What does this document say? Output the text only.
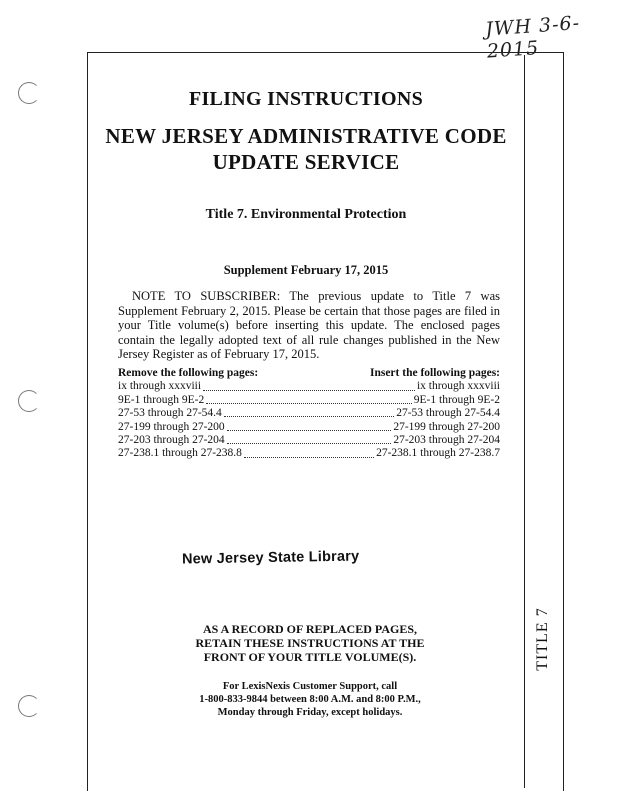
JWH 3-6-2015
TITLE 7
FILING INSTRUCTIONS
NEW JERSEY ADMINISTRATIVE CODE
UPDATE SERVICE
Title 7. Environmental Protection
Supplement February 17, 2015
NOTE TO SUBSCRIBER: The previous update to Title 7 was Supplement February 2, 2015. Please be certain that those pages are filed in your Title volume(s) before inserting this update. The enclosed pages contain the legally adopted text of all rule changes published in the New Jersey Register as of February 17, 2015.
Remove the following pages:	Insert the following pages:
ix through xxxviii	ix through xxxviii
9E-1 through 9E-2	9E-1 through 9E-2
27-53 through 27-54.4	27-53 through 27-54.4
27-199 through 27-200	27-199 through 27-200
27-203 through 27-204	27-203 through 27-204
27-238.1 through 27-238.8	27-238.1 through 27-238.7
New Jersey State Library
AS A RECORD OF REPLACED PAGES,
RETAIN THESE INSTRUCTIONS AT THE
FRONT OF YOUR TITLE VOLUME(S).
For LexisNexis Customer Support, call
1-800-833-9844 between 8:00 A.M. and 8:00 P.M.,
Monday through Friday, except holidays.
